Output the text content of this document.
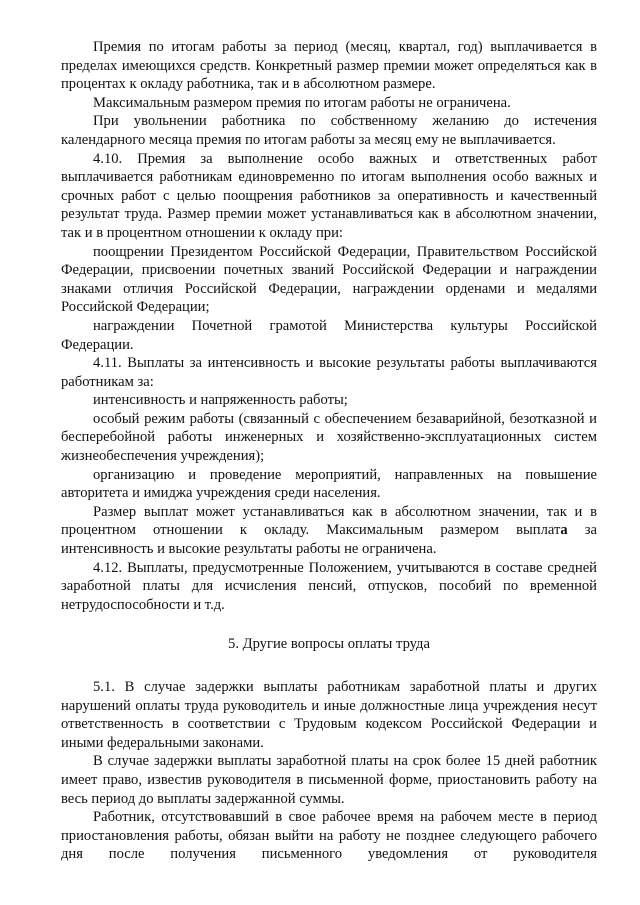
Премия по итогам работы за период (месяц, квартал, год) выплачивается в пределах имеющихся средств. Конкретный размер премии может определяться как в процентах к окладу работника, так и в абсолютном размере.

Максимальным размером премия по итогам работы не ограничена.

При увольнении работника по собственному желанию до истечения календарного месяца премия по итогам работы за месяц ему не выплачивается.

4.10. Премия за выполнение особо важных и ответственных работ выплачивается работникам единовременно по итогам выполнения особо важных и срочных работ с целью поощрения работников за оперативность и качественный результат труда. Размер премии может устанавливаться как в абсолютном значении, так и в процентном отношении к окладу при:

поощрении Президентом Российской Федерации, Правительством Российской Федерации, присвоении почетных званий Российской Федерации и награждении знаками отличия Российской Федерации, награждении орденами и медалями Российской Федерации;

награждении Почетной грамотой Министерства культуры Российской Федерации.

4.11. Выплаты за интенсивность и высокие результаты работы выплачиваются работникам за:

интенсивность и напряженность работы;

особый режим работы (связанный с обеспечением безаварийной, безотказной и бесперебойной работы инженерных и хозяйственно-эксплуатационных систем жизнеобеспечения учреждения);

организацию и проведение мероприятий, направленных на повышение авторитета и имиджа учреждения среди населения.

Размер выплат может устанавливаться как в абсолютном значении, так и в процентном отношении к окладу. Максимальным размером выплата за интенсивность и высокие результаты работы не ограничена.

4.12. Выплаты, предусмотренные Положением, учитываются в составе средней заработной платы для исчисления пенсий, отпусков, пособий по временной нетрудоспособности и т.д.

5. Другие вопросы оплаты труда

5.1. В случае задержки выплаты работникам заработной платы и других нарушений оплаты труда руководитель и иные должностные лица учреждения несут ответственность в соответствии с Трудовым кодексом Российской Федерации и иными федеральными законами.

В случае задержки выплаты заработной платы на срок более 15 дней работник имеет право, известив руководителя в письменной форме, приостановить работу на весь период до выплаты задержанной суммы.

Работник, отсутствовавший в свое рабочее время на рабочем месте в период приостановления работы, обязан выйти на работу не позднее следующего рабочего дня после получения письменного уведомления от руководителя
